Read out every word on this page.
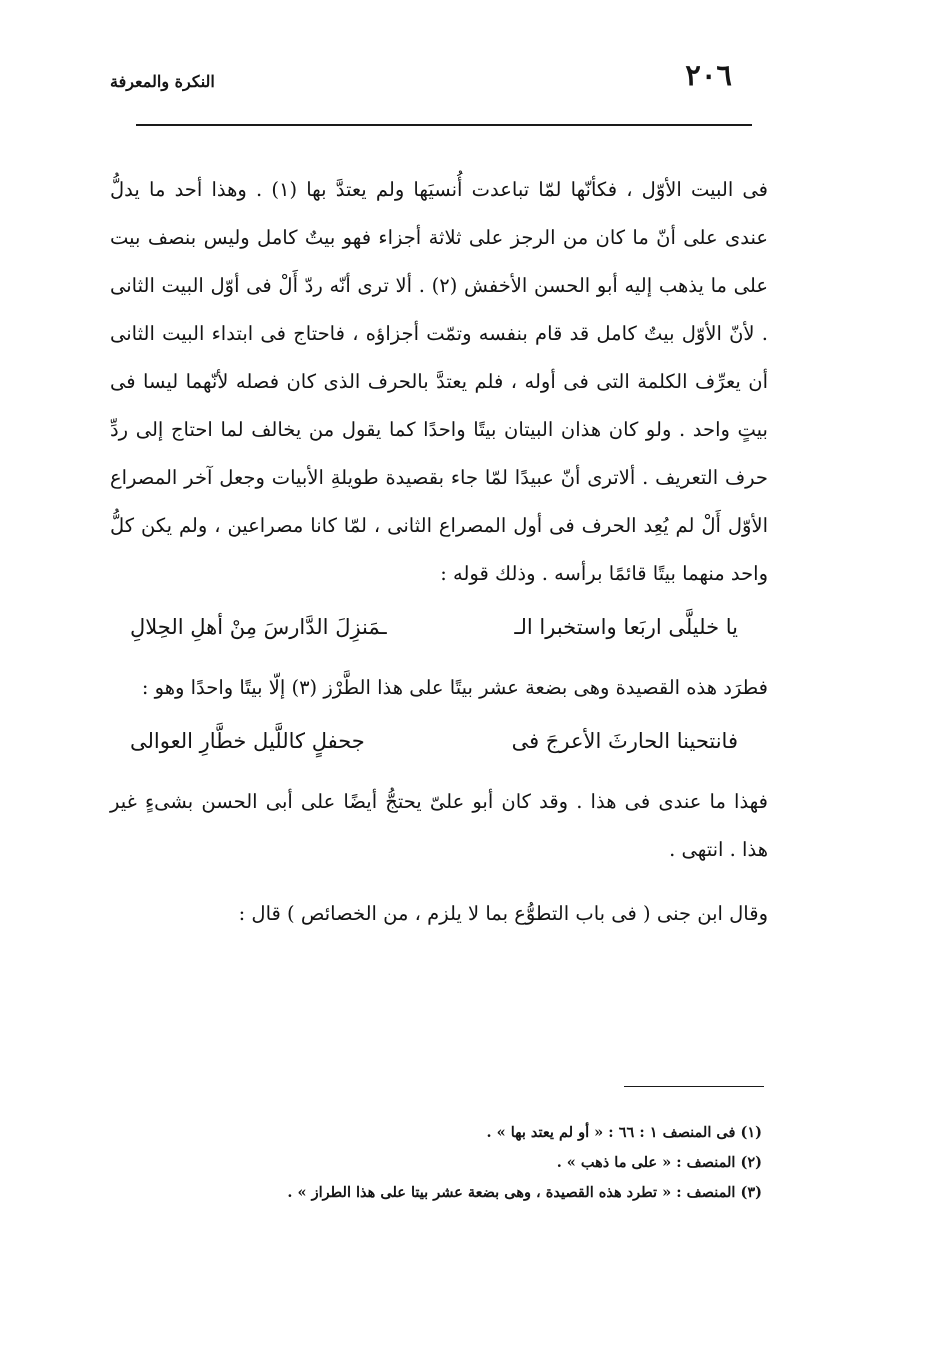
٢٠٦
النكرة والمعرفة

فى البيت الأوّل ، فكأنّها لمّا تباعدت أُنسيَها ولم يعتدَّ بها (١) . وهذا أحد ما يدلُّ عندى على أنّ ما كان من الرجز على ثلاثة أجزاء فهو بيتٌ كامل وليس بنصف بيت على ما يذهب إليه أبو الحسن الأخفش (٢) . ألا ترى أنّه ردّ أَلْ فى أوّل البيت الثانى . لأنّ الأوّل بيتٌ كامل قد قام بنفسه وتمّت أجزاؤه ، فاحتاج فى ابتداء البيت الثانى أن يعرِّف الكلمة التى فى أوله ، فلم يعتدَّ بالحرف الذى كان فصله لأنّهما ليسا فى بيتٍ واحد . ولو كان هذان البيتان بيتًا واحدًا كما يقول من يخالف لما احتاج إلى ردِّ حرف التعريف . ألاترى أنّ عبيدًا لمّا جاء بقصيدة طويلةِ الأبيات وجعل آخر المصراع الأوّل أَلْ لم يُعِد الحرف فى أول المصراع الثانى ، لمّا كانا مصراعين ، ولم يكن كلُّ واحد منهما بيتًا قائمًا برأسه . وذلك قوله :

يا خليلَّى اربَعا واستخبرا الـ
ـمَنزِلَ الدَّارسَ مِنْ أهلِ الحِلالِ

فطرَد هذه القصيدة وهى بضعة عشر بيتًا على هذا الطَّرْز (٣) إلّا بيتًا واحدًا وهو :

فانتحينا الحارثَ الأعرجَ فى
جحفلٍ كاللَّيل خطَّارِ العوالى

فهذا ما عندى فى هذا . وقد كان أبو علىّ يحتجُّ أيضًا على أبى الحسن بشىءٍ غير هذا . انتهى .

وقال ابن جنى ( فى باب التطوُّع بما لا يلزم ، من الخصائص ) قال :

(١) فى المنصف ١ : ٦٦ : « أو لم يعتد بها » .
(٢) المنصف : « على ما ذهب » .
(٣) المنصف : « تطرد هذه القصيدة ، وهى بضعة عشر بيتا على هذا الطراز » .
